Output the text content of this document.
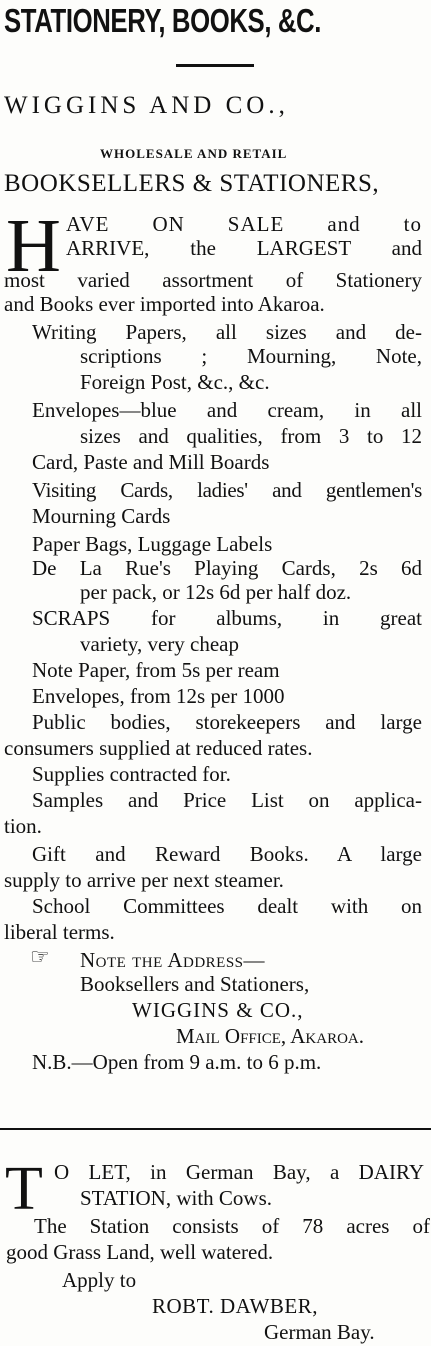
STATIONERY, BOOKS, &C.
WIGGINS AND CO.,
WHOLESALE AND RETAIL
BOOKSELLERS & STATIONERS,
H AVE ON SALE and to
ARRIVE, the LARGEST and
most varied assortment of Stationery
and Books ever imported into Akaroa.
Writing Papers, all sizes and de-
scriptions ; Mourning, Note,
Foreign Post, &c., &c.
Envelopes—blue and cream, in all
sizes and qualities, from 3 to 12
Card, Paste and Mill Boards
Visiting Cards, ladies' and gentlemen's
Mourning Cards
Paper Bags, Luggage Labels
De La Rue's Playing Cards, 2s 6d
per pack, or 12s 6d per half doz.
SCRAPS for albums, in great
variety, very cheap
Note Paper, from 5s per ream
Envelopes, from 12s per 1000
Public bodies, storekeepers and large
consumers supplied at reduced rates.
Supplies contracted for.
Samples and Price List on applica-
tion.
Gift and Reward Books. A large
supply to arrive per next steamer.
School Committees dealt with on
liberal terms.
☞ Note the Address—
Booksellers and Stationers,
WIGGINS & CO.,
Mail Office, Akaroa.
N.B.—Open from 9 a.m. to 6 p.m.
T O LET, in German Bay, a DAIRY
STATION, with Cows.
The Station consists of 78 acres of
good Grass Land, well watered.
Apply to
ROBT. DAWBER,
German Bay.
